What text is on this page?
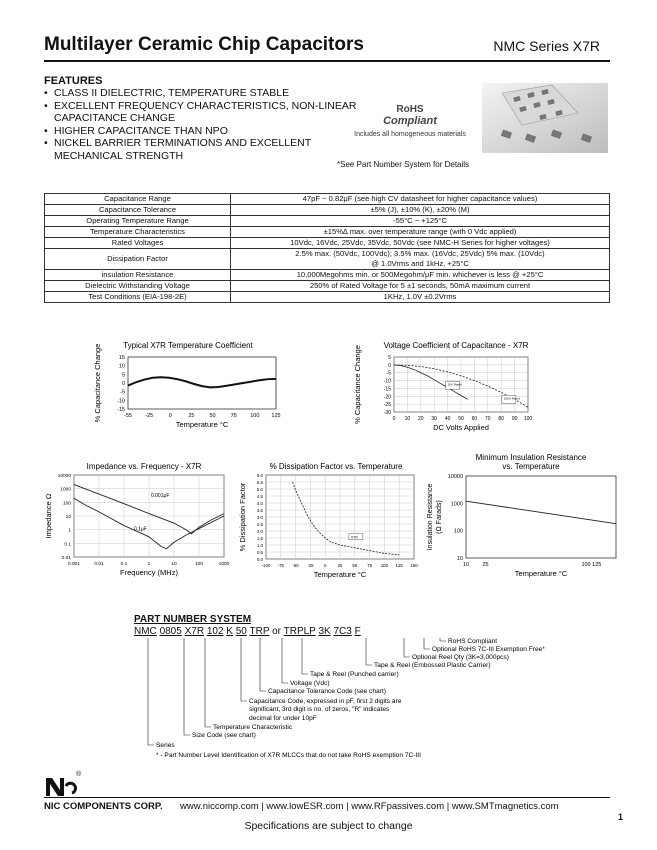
Multilayer Ceramic Chip Capacitors	NMC Series X7R
FEATURES
• CLASS II DIELECTRIC, TEMPERATURE STABLE
• EXCELLENT FREQUENCY CHARACTERISTICS, NON-LINEAR CAPACITANCE CHANGE
• HIGHER CAPACITANCE THAN NPO
• NICKEL BARRIER TERMINATIONS AND EXCELLENT MECHANICAL STRENGTH
RoHS
Compliant
Includes all homogeneous materials
*See Part Number System for Details
Capacitance Range	47pF ~ 0.82μF (see high CV datasheet for higher capacitance values)
Capacitance Tolerance	±5% (J), ±10% (K), ±20% (M)
Operating Temperature Range	-55°C ~ +125°C
Temperature Characteristics	±15%∆ max. over temperature range (with 0 Vdc applied)
Rated Voltages	10Vdc, 16Vdc, 25Vdc, 35Vdc, 50Vdc (see NMC-H Series for higher voltages)
Dissipation Factor	2.5% max. (50Vdc, 100Vdc); 3.5% max. (16Vdc, 25Vdc) 5% max. (10Vdc)
@ 1.0Vrms and 1kHz, +25°C
insulation Resistance	10,000Megohms min. or 500Megohm/μF min. whichever is less @ +25°C
Dielectric Withstanding Voltage	250% of Rated Voltage for 5 ±1 seconds, 50mA maximum current
Test Conditions (EIA-198-2E)	1KHz, 1.0V ±0.2Vrms
Typical X7R Temperature Coefficient
15
10
5
0
-5
-10
-15
-55 -25	0	25	50	75 100 125
Temperature °C
% Capacitance Change	Voltage Coefficient of Capacitance - X7R
5
0
-5
-10
-15
-20
-25
-30
0 10 20 30 40 50 60 70 80 90 100
DC Volts Applied
% Capacitance Change	10V Rated
100V Rated
Impedance vs. Frequency - X7R
10000
1000
100
10
1
0.1
0.01
0.001	0.01	0.1	1	10	100	1000
Frequency (MHz)
Impedance Ω	0.001μF
0.1μF
% Dissipation Factor vs. Temperature
6.0
5.5
5.0
4.5
4.0
3.5
3.0
2.5
2.0
1.5
1.0
0.5
0.0
-100 -75 -50 -25 0	25 50 75 100 125 150
Temperature °C
% Dissipation Factor	X7R
Minimum Insulation Resistance
vs. Temperature
10000
1000
100
10
10 25	100 125
Temperature °C
Insulation Resistance (Ω Farads)
PART NUMBER SYSTEM
NMC 0805 X7R 102 K 50 TRP or TRPLP 3K 7C3 F
RoHS Compliant
Optional RoHS 7C-III Exemption Free*
Optional Reel Qty (3K=3,000pcs)
Tape & Reel (Embossed Plastic Carrier)
Tape & Reel (Punched carrier)
Voltage (Vdc)
Capacitance Tolerance Code (see chart)
Capacitance Code, expressed in pF, first 2 digits are
significant, 3rd digit is no. of zeros, "R" indicates
decimal for under 10pF
Temperature Characteristic
Size Code (see chart)
Series
* - Part Number Level Identification of X7R MLCCs that do not take RoHS exemption 7C-III
®
NIC COMPONENTS CORP. www.niccomp.com | www.lowESR.com | www.RFpassives.com | www.SMTmagnetics.com
1
Specifications are subject to change
